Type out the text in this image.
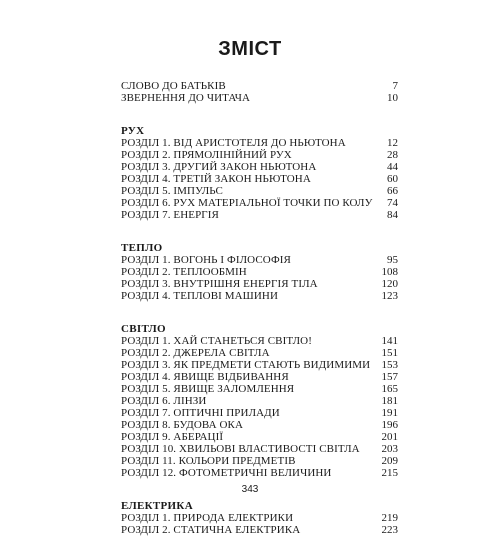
ЗМІСТ
СЛОВО ДО БАТЬКІВ	7
ЗВЕРНЕННЯ ДО ЧИТАЧА	10
РУХ
РОЗДІЛ 1. ВІД АРИСТОТЕЛЯ ДО НЬЮТОНА	12
РОЗДІЛ 2. ПРЯМОЛІНІЙНИЙ РУХ	28
РОЗДІЛ 3. ДРУГИЙ ЗАКОН НЬЮТОНА	44
РОЗДІЛ 4. ТРЕТІЙ ЗАКОН НЬЮТОНА	60
РОЗДІЛ 5. ІМПУЛЬС	66
РОЗДІЛ 6. РУХ МАТЕРІАЛЬНОЇ ТОЧКИ ПО КОЛУ 74
РОЗДІЛ 7. ЕНЕРГІЯ	84
ТЕПЛО
РОЗДІЛ 1. ВОГОНЬ І ФІЛОСОФІЯ	95
РОЗДІЛ 2. ТЕПЛООБМІН	108
РОЗДІЛ 3. ВНУТРІШНЯ ЕНЕРГІЯ ТІЛА	120
РОЗДІЛ 4. ТЕПЛОВІ МАШИНИ	123
СВІТЛО
РОЗДІЛ 1. ХАЙ СТАНЕТЬСЯ СВІТЛО!	141
РОЗДІЛ 2. ДЖЕРЕЛА СВІТЛА	151
РОЗДІЛ 3. ЯК ПРЕДМЕТИ СТАЮТЬ ВИДИМИМИ 153
РОЗДІЛ 4. ЯВИЩЕ ВІДБИВАННЯ	157
РОЗДІЛ 5. ЯВИЩЕ ЗАЛОМЛЕННЯ	165
РОЗДІЛ 6. ЛІНЗИ	181
РОЗДІЛ 7. ОПТИЧНІ ПРИЛАДИ	191
РОЗДІЛ 8. БУДОВА ОКА	196
РОЗДІЛ 9. АБЕРАЦІЇ	201
РОЗДІЛ 10. ХВИЛЬОВІ ВЛАСТИВОСТІ СВІТЛА 203
РОЗДІЛ 11. КОЛЬОРИ ПРЕДМЕТІВ	209
РОЗДІЛ 12. ФОТОМЕТРИЧНІ ВЕЛИЧИНИ	215
ЕЛЕКТРИКА
РОЗДІЛ 1. ПРИРОДА ЕЛЕКТРИКИ	219
РОЗДІЛ 2. СТАТИЧНА ЕЛЕКТРИКА	223
343
